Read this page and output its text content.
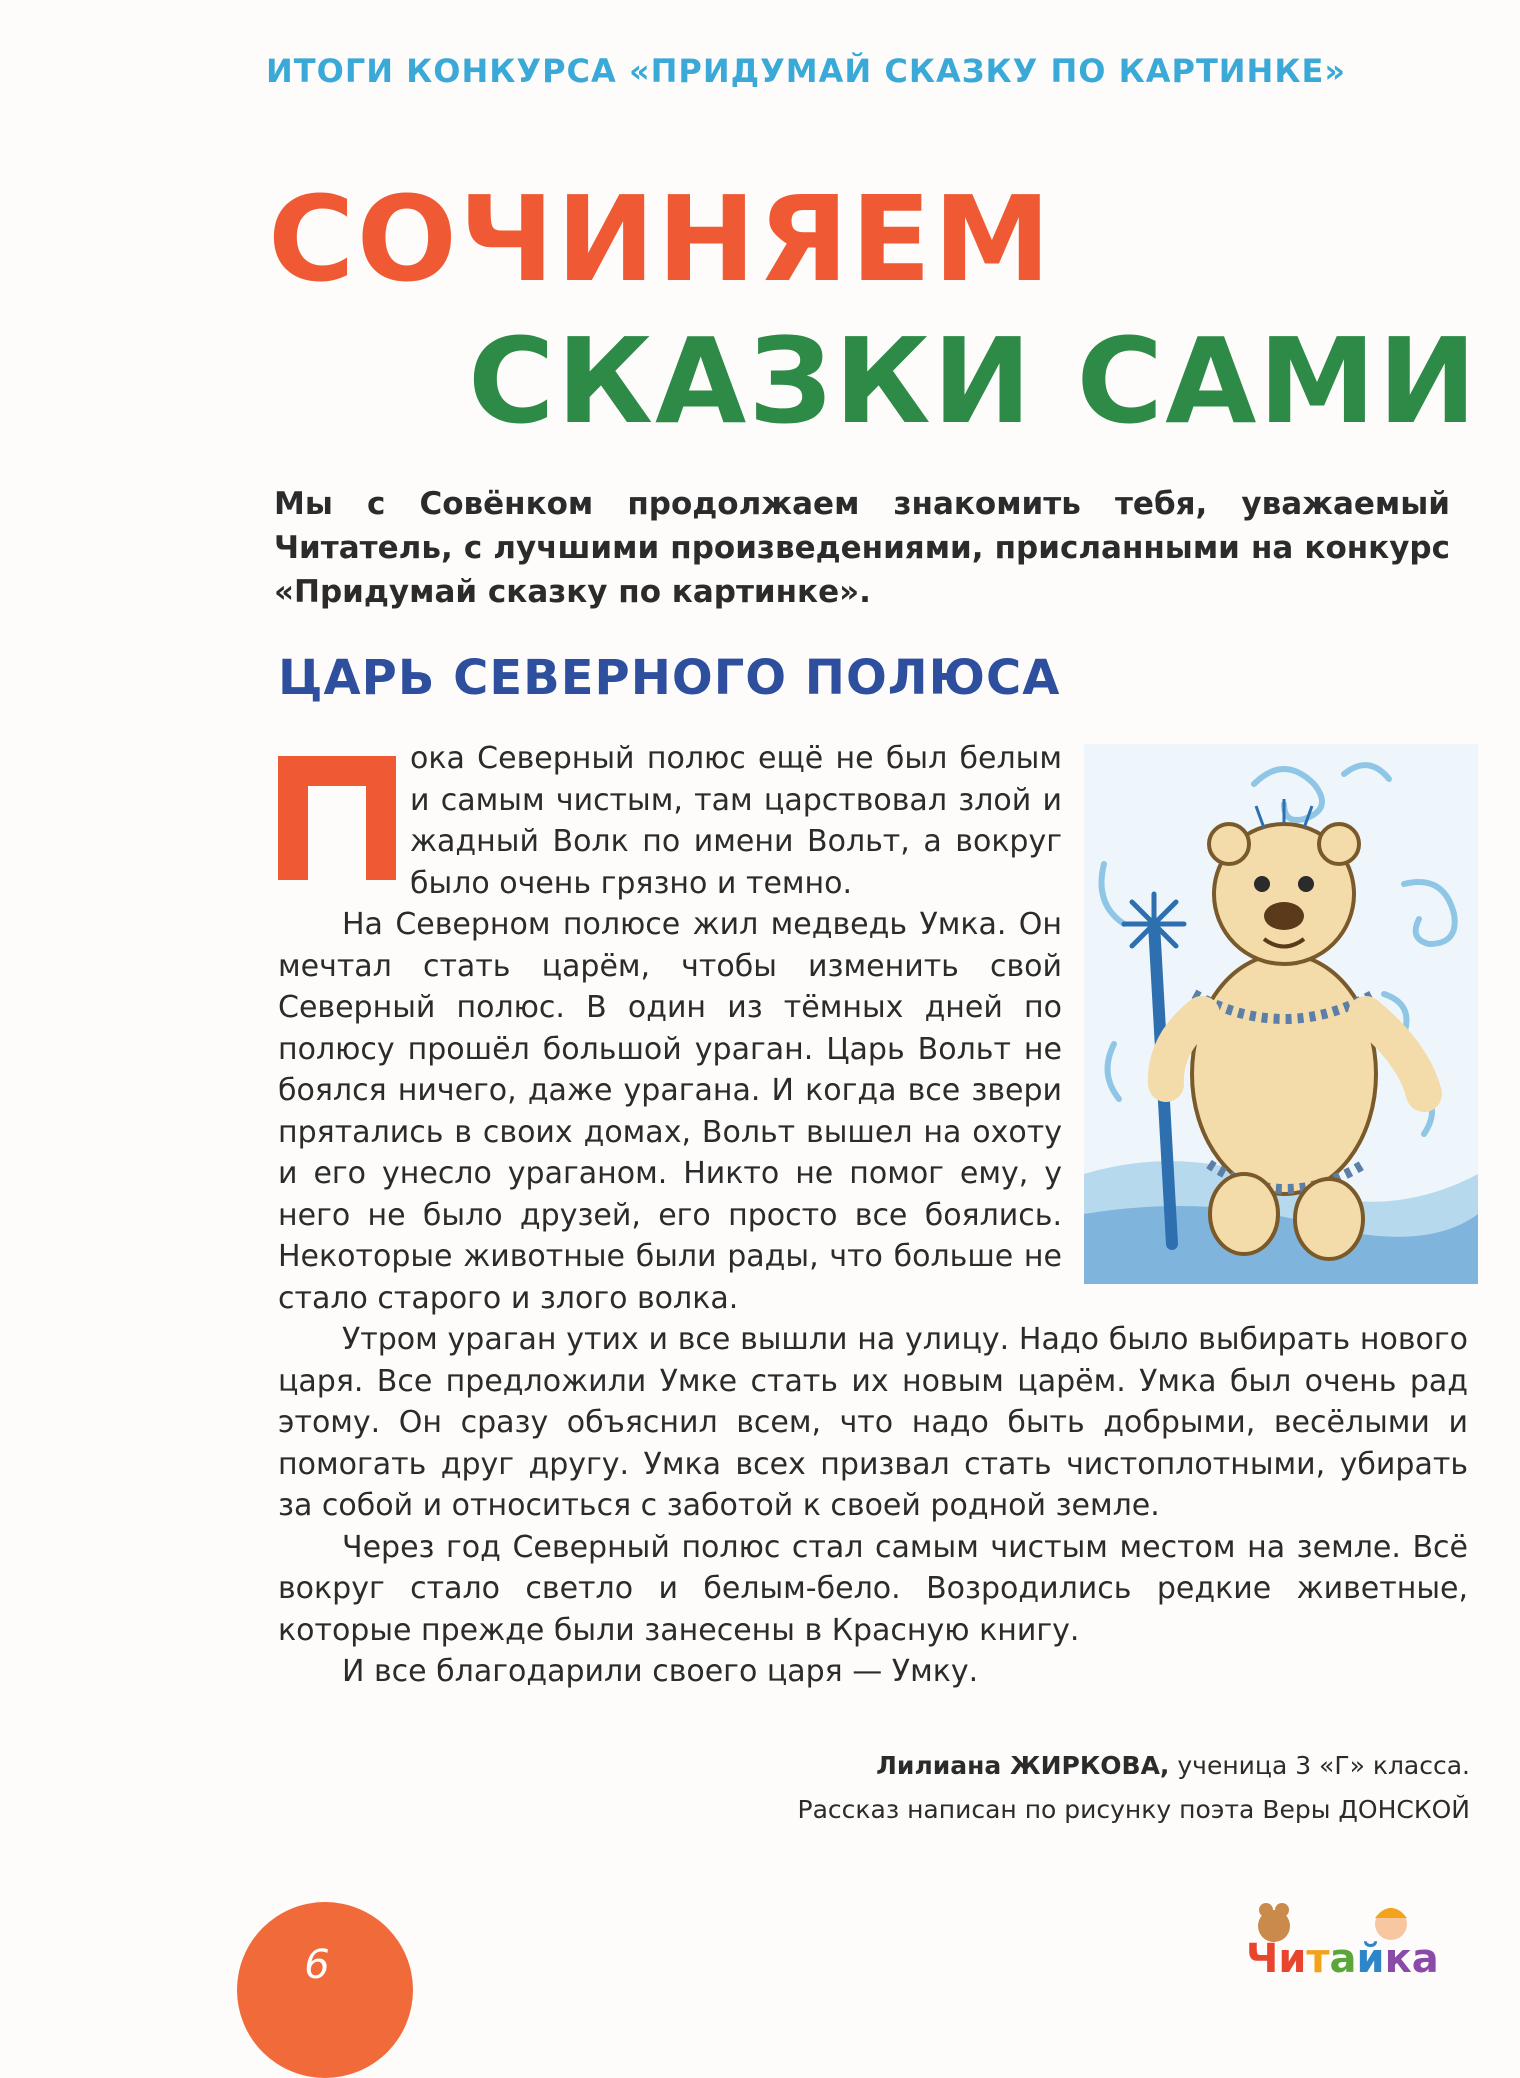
ИТОГИ КОНКУРСА «ПРИДУМАЙ СКАЗКУ ПО КАРТИНКЕ»
СОЧИНЯЕМ
СКАЗКИ САМИ

Мы с Совёнком продолжаем знакомить тебя, уважаемый Читатель, с лучшими произведениями, присланными на конкурс «Придумай сказку по картинке».

ЦАРЬ СЕВЕРНОГО ПОЛЮСА

ока Северный полюс ещё не был белым и самым чистым, там царствовал злой и жадный Волк по имени Вольт, а вокруг было очень грязно и темно.

На Северном полюсе жил медведь Умка. Он мечтал стать царём, чтобы изменить свой Северный полюс. В один из тёмных дней по полюсу прошёл большой ураган. Царь Вольт не боялся ничего, даже урагана. И когда все звери прятались в своих домах, Вольт вышел на охоту и его унесло ураганом. Никто не помог ему, у него не было друзей, его просто все боялись. Некоторые животные были рады, что больше не стало старого и злого волка.

Утром ураган утих и все вышли на улицу. Надо было выбирать нового царя. Все предложили Умке стать их новым царём. Умка был очень рад этому. Он сразу объяснил всем, что надо быть добрыми, весёлыми и помогать друг другу. Умка всех призвал стать чистоплотными, убирать за собой и относиться с заботой к своей родной земле.

Через год Северный полюс стал самым чистым местом на земле. Всё вокруг стало светло и белым-бело. Возродились редкие живетные, которые прежде были занесены в Красную книгу.

И все благодарили своего царя — Умку.

Лилиана ЖИРКОВА, ученица 3 «Г» класса.
Рассказ написан по рисунку поэта Веры ДОНСКОЙ
6	Читайка
